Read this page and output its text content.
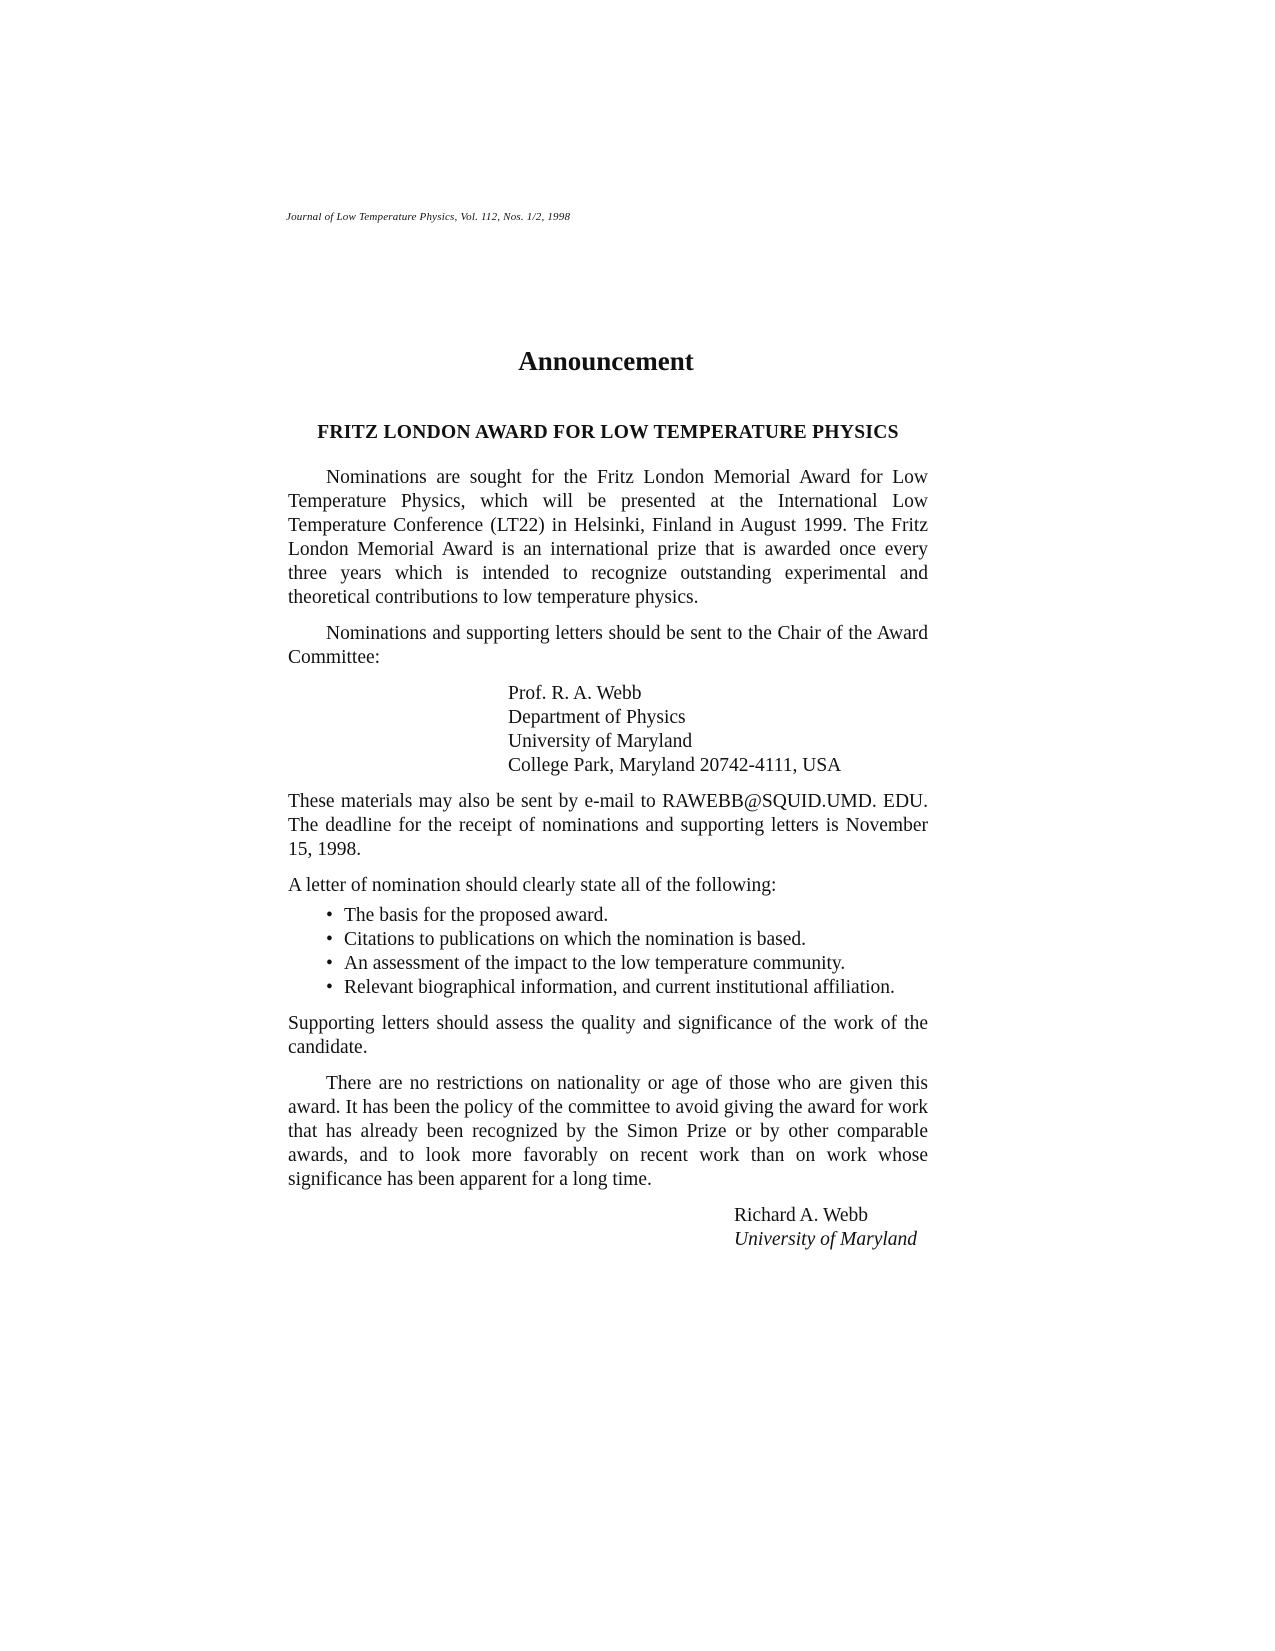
Journal of Low Temperature Physics, Vol. 112, Nos. 1/2, 1998
Announcement
FRITZ LONDON AWARD FOR LOW TEMPERATURE PHYSICS

Nominations are sought for the Fritz London Memorial Award for Low Temperature Physics, which will be presented at the International Low Temperature Conference (LT22) in Helsinki, Finland in August 1999. The Fritz London Memorial Award is an international prize that is awarded once every three years which is intended to recognize outstanding experimental and theoretical contributions to low temperature physics.

Nominations and supporting letters should be sent to the Chair of the Award Committee:

Prof. R. A. Webb
Department of Physics
University of Maryland
College Park, Maryland 20742-4111, USA

These materials may also be sent by e-mail to RAWEBB@SQUID.UMD. EDU. The deadline for the receipt of nominations and supporting letters is November 15, 1998.

A letter of nomination should clearly state all of the following:

• The basis for the proposed award.
• Citations to publications on which the nomination is based.
• An assessment of the impact to the low temperature community.
• Relevant biographical information, and current institutional affiliation.

Supporting letters should assess the quality and significance of the work of the candidate.

There are no restrictions on nationality or age of those who are given this award. It has been the policy of the committee to avoid giving the award for work that has already been recognized by the Simon Prize or by other comparable awards, and to look more favorably on recent work than on work whose significance has been apparent for a long time.

Richard A. Webb
University of Maryland
